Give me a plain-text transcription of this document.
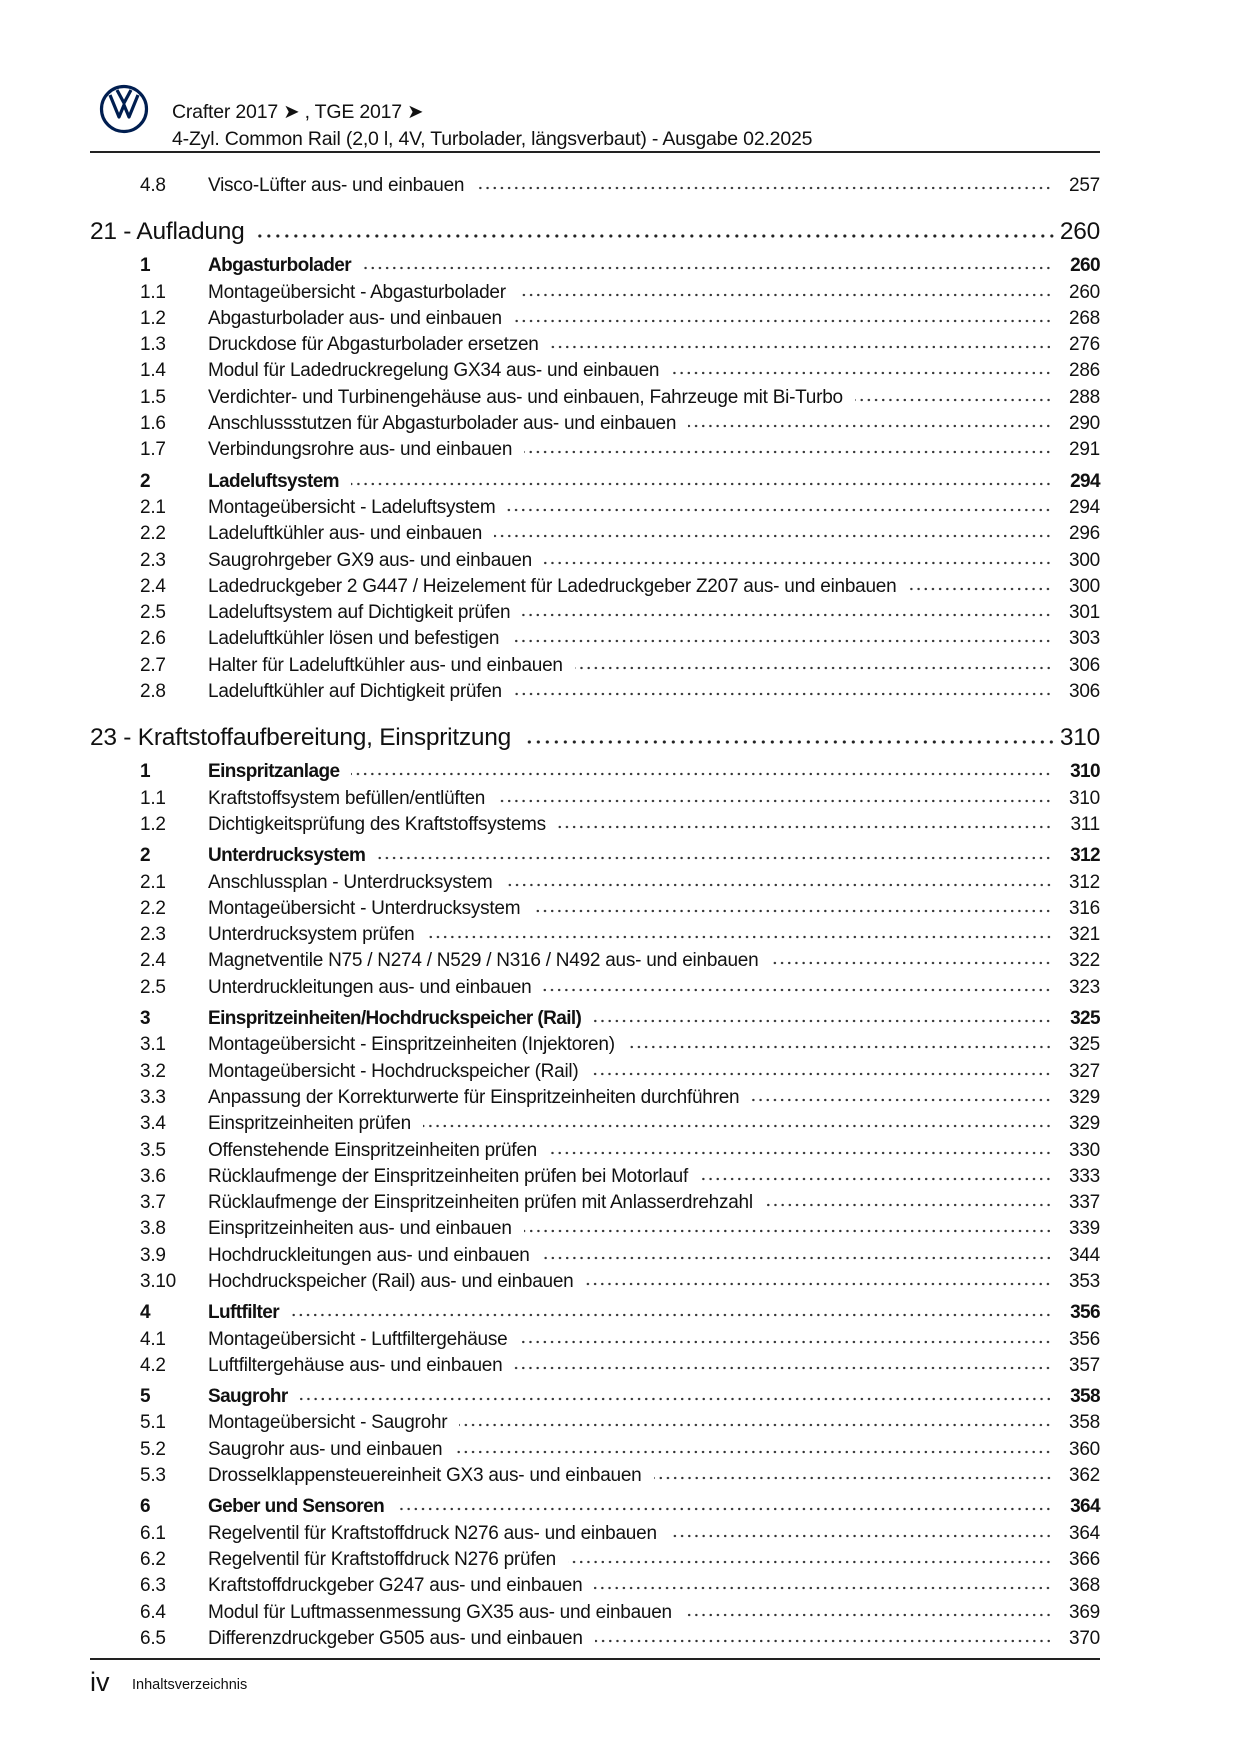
Crafter 2017 ➤ , TGE 2017 ➤
4-Zyl. Common Rail (2,0 l, 4V, Turbolader, längsverbaut) - Ausgabe 02.2025
4.8	Visco-Lüfter aus- und einbauen	257
21 - Aufladung	260
1	Abgasturbolader	260
1.1	Montageübersicht - Abgasturbolader	260
1.2	Abgasturbolader aus- und einbauen	268
1.3	Druckdose für Abgasturbolader ersetzen	276
1.4	Modul für Ladedruckregelung GX34 aus- und einbauen	286
1.5	Verdichter- und Turbinengehäuse aus- und einbauen, Fahrzeuge mit Bi-Turbo	288
1.6	Anschlussstutzen für Abgasturbolader aus- und einbauen	290
1.7	Verbindungsrohre aus- und einbauen	291
2	Ladeluftsystem	294
2.1	Montageübersicht - Ladeluftsystem	294
2.2	Ladeluftkühler aus- und einbauen	296
2.3	Saugrohrgeber GX9 aus- und einbauen	300
2.4	Ladedruckgeber 2 G447 / Heizelement für Ladedruckgeber Z207 aus- und einbauen	300
2.5	Ladeluftsystem auf Dichtigkeit prüfen	301
2.6	Ladeluftkühler lösen und befestigen	303
2.7	Halter für Ladeluftkühler aus- und einbauen	306
2.8	Ladeluftkühler auf Dichtigkeit prüfen	306
23 - Kraftstoffaufbereitung, Einspritzung	310
1	Einspritzanlage	310
1.1	Kraftstoffsystem befüllen/entlüften	310
1.2	Dichtigkeitsprüfung des Kraftstoffsystems	311
2	Unterdrucksystem	312
2.1	Anschlussplan - Unterdrucksystem	312
2.2	Montageübersicht - Unterdrucksystem	316
2.3	Unterdrucksystem prüfen	321
2.4	Magnetventile N75 / N274 / N529 / N316 / N492 aus- und einbauen	322
2.5	Unterdruckleitungen aus- und einbauen	323
3	Einspritzeinheiten/Hochdruckspeicher (Rail)	325
3.1	Montageübersicht - Einspritzeinheiten (Injektoren)	325
3.2	Montageübersicht - Hochdruckspeicher (Rail)	327
3.3	Anpassung der Korrekturwerte für Einspritzeinheiten durchführen	329
3.4	Einspritzeinheiten prüfen	329
3.5	Offenstehende Einspritzeinheiten prüfen	330
3.6	Rücklaufmenge der Einspritzeinheiten prüfen bei Motorlauf	333
3.7	Rücklaufmenge der Einspritzeinheiten prüfen mit Anlasserdrehzahl	337
3.8	Einspritzeinheiten aus- und einbauen	339
3.9	Hochdruckleitungen aus- und einbauen	344
3.10	Hochdruckspeicher (Rail) aus- und einbauen	353
4	Luftfilter	356
4.1	Montageübersicht - Luftfiltergehäuse	356
4.2	Luftfiltergehäuse aus- und einbauen	357
5	Saugrohr	358
5.1	Montageübersicht - Saugrohr	358
5.2	Saugrohr aus- und einbauen	360
5.3	Drosselklappensteuereinheit GX3 aus- und einbauen	362
6	Geber und Sensoren	364
6.1	Regelventil für Kraftstoffdruck N276 aus- und einbauen	364
6.2	Regelventil für Kraftstoffdruck N276 prüfen	366
6.3	Kraftstoffdruckgeber G247 aus- und einbauen	368
6.4	Modul für Luftmassenmessung GX35 aus- und einbauen	369
6.5	Differenzdruckgeber G505 aus- und einbauen	370
iv Inhaltsverzeichnis
